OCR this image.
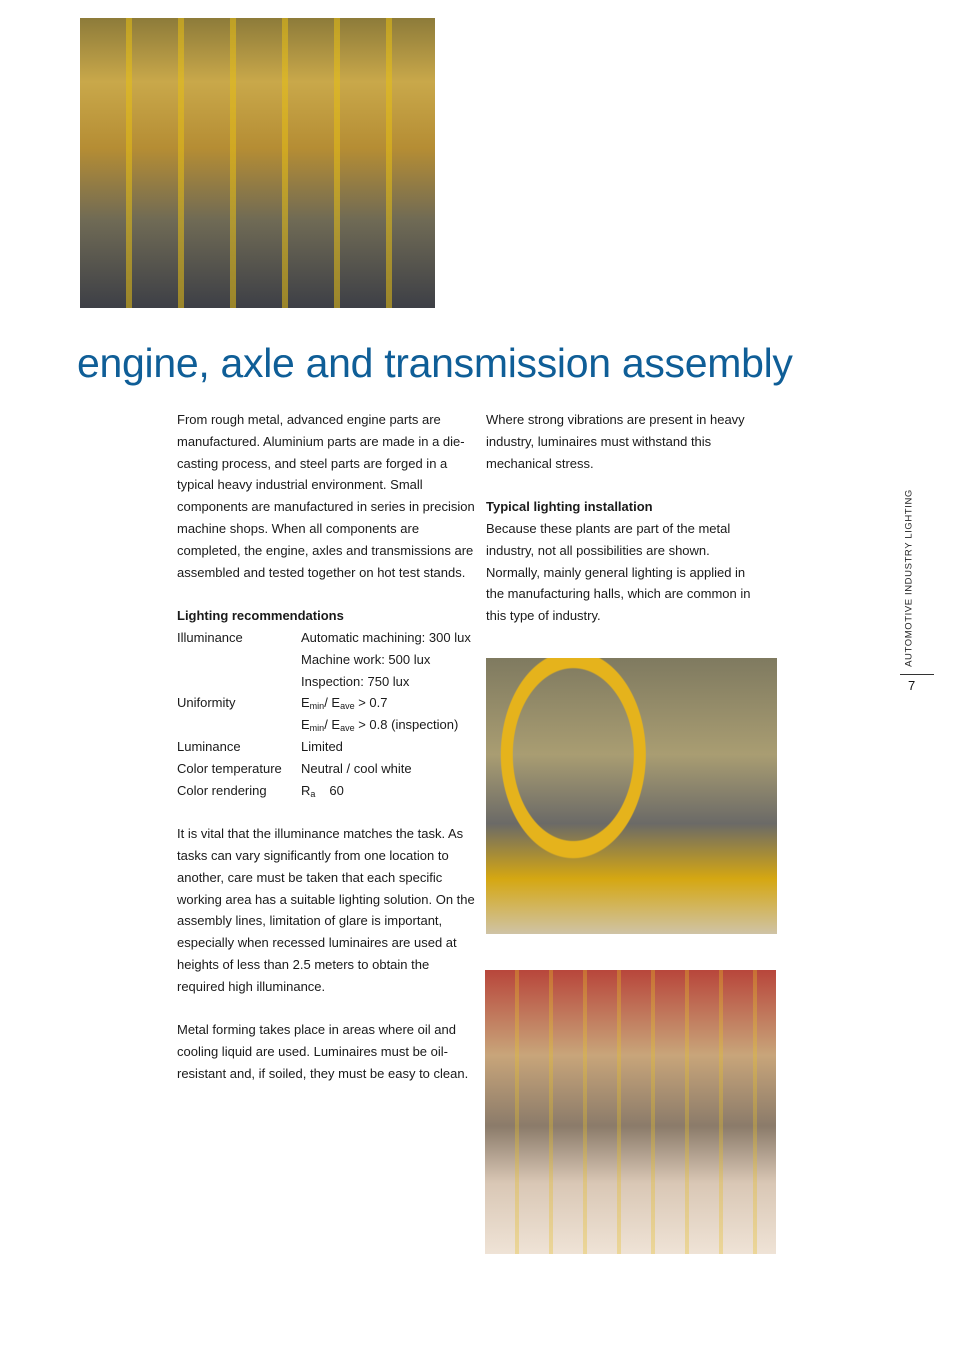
engine, axle and transmission assembly

From rough metal, advanced engine parts are manufactured. Aluminium parts are made in a die-casting process, and steel parts are forged in a typical heavy industrial environment. Small components are manufactured in series in precision machine shops. When all components are completed, the engine, axles and transmissions are assembled and tested together on hot test stands.

Lighting recommendations

Illuminance	Automatic machining: 300 lux
	Machine work: 500 lux
	Inspection: 750 lux
Uniformity	$E_{min}/$ $E_{ave} > 0.7$
	$E_{min}/$ $E_{ave} > 0.8$ (inspection)
Luminance	Limited
Color temperature	Neutral / cool white
Color rendering	$R_a$ 60

It is vital that the illuminance matches the task. As tasks can vary significantly from one location to another, care must be taken that each specific working area has a suitable lighting solution. On the assembly lines, limitation of glare is important, especially when recessed luminaires are used at heights of less than 2.5 meters to obtain the required high illuminance.

Metal forming takes place in areas where oil and cooling liquid are used. Luminaires must be oil-resistant and, if soiled, they must be easy to clean.

Where strong vibrations are present in heavy industry, luminaires must withstand this mechanical stress.

Typical lighting installation

Because these plants are part of the metal industry, not all possibilities are shown. Normally, mainly general lighting is applied in the manufacturing halls, which are common in this type of industry.	AUTOMOTIVE INDUSTRY LIGHTING
7
